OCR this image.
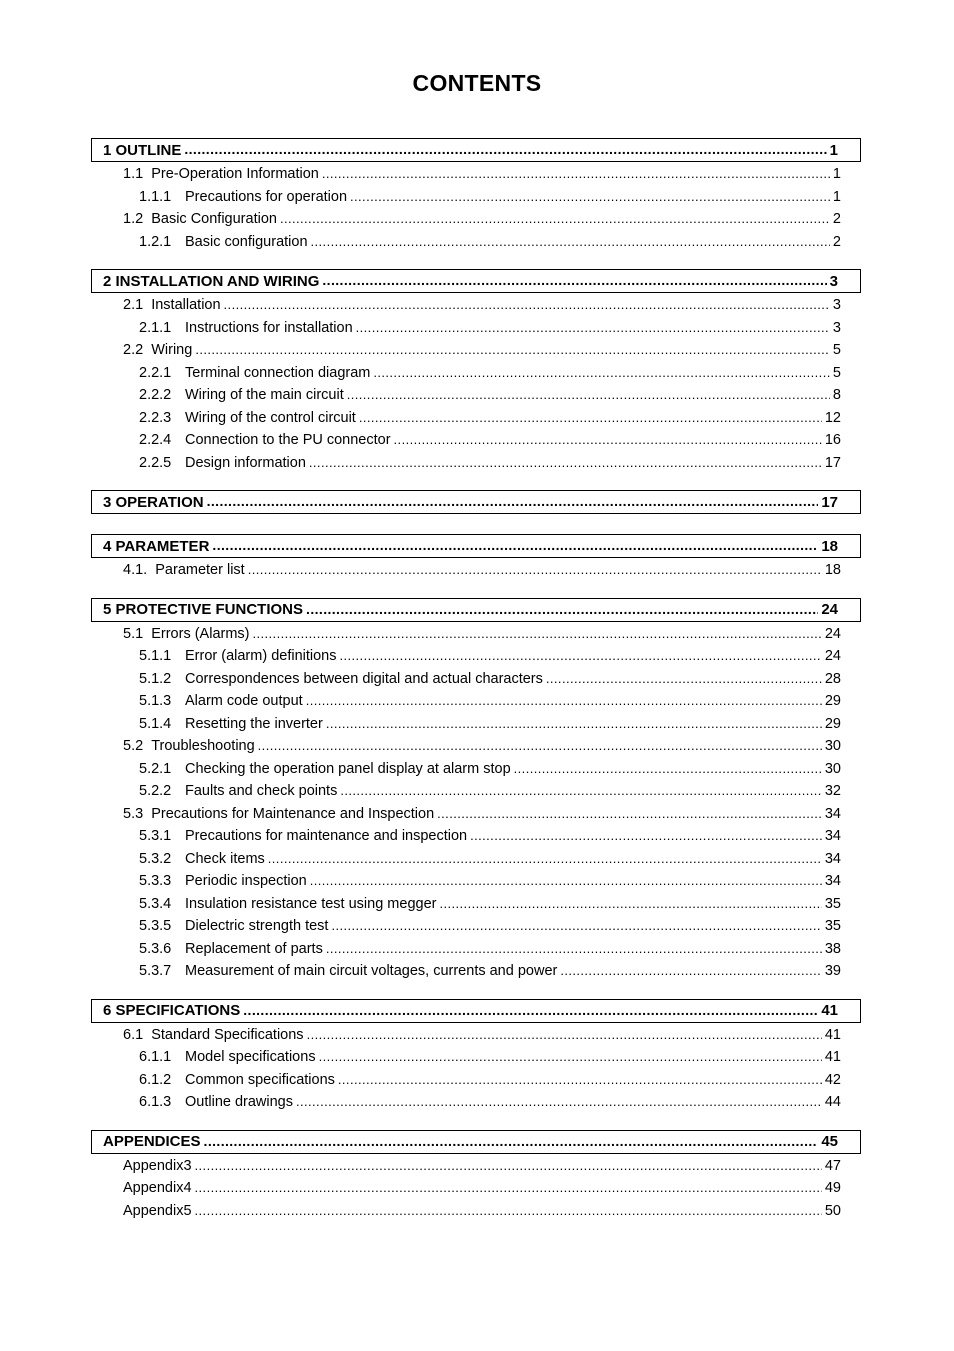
CONTENTS
1 OUTLINE .....	1
1.1 Pre-Operation Information .....	1
1.1.1 Precautions for operation .....	1
1.2 Basic Configuration .....	2
1.2.1 Basic configuration .....	2
2 INSTALLATION AND WIRING .....	3
2.1 Installation .....	3
2.1.1 Instructions for installation .....	3
2.2 Wiring .....	5
2.2.1 Terminal connection diagram .....	5
2.2.2 Wiring of the main circuit .....	8
2.2.3 Wiring of the control circuit .....	12
2.2.4 Connection to the PU connector .....	16
2.2.5 Design information .....	17
3 OPERATION .....	17
4 PARAMETER .....	18
4.1. Parameter list .....	18
5 PROTECTIVE FUNCTIONS .....	24
5.1 Errors (Alarms) .....	24
5.1.1 Error (alarm) definitions .....	24
5.1.2 Correspondences between digital and actual characters .....	28
5.1.3 Alarm code output .....	29
5.1.4 Resetting the inverter .....	29
5.2 Troubleshooting .....	30
5.2.1 Checking the operation panel display at alarm stop .....	30
5.2.2 Faults and check points .....	32
5.3 Precautions for Maintenance and Inspection .....	34
5.3.1 Precautions for maintenance and inspection .....	34
5.3.2 Check items .....	34
5.3.3 Periodic inspection .....	34
5.3.4 Insulation resistance test using megger .....	35
5.3.5 Dielectric strength test .....	35
5.3.6 Replacement of parts .....	38
5.3.7 Measurement of main circuit voltages, currents and power .....	39
6 SPECIFICATIONS .....	41
6.1 Standard Specifications .....	41
6.1.1 Model specifications .....	41
6.1.2 Common specifications .....	42
6.1.3 Outline drawings .....	44
APPENDICES .....	45
Appendix3 .....	47
Appendix4 .....	49
Appendix5 .....	50
